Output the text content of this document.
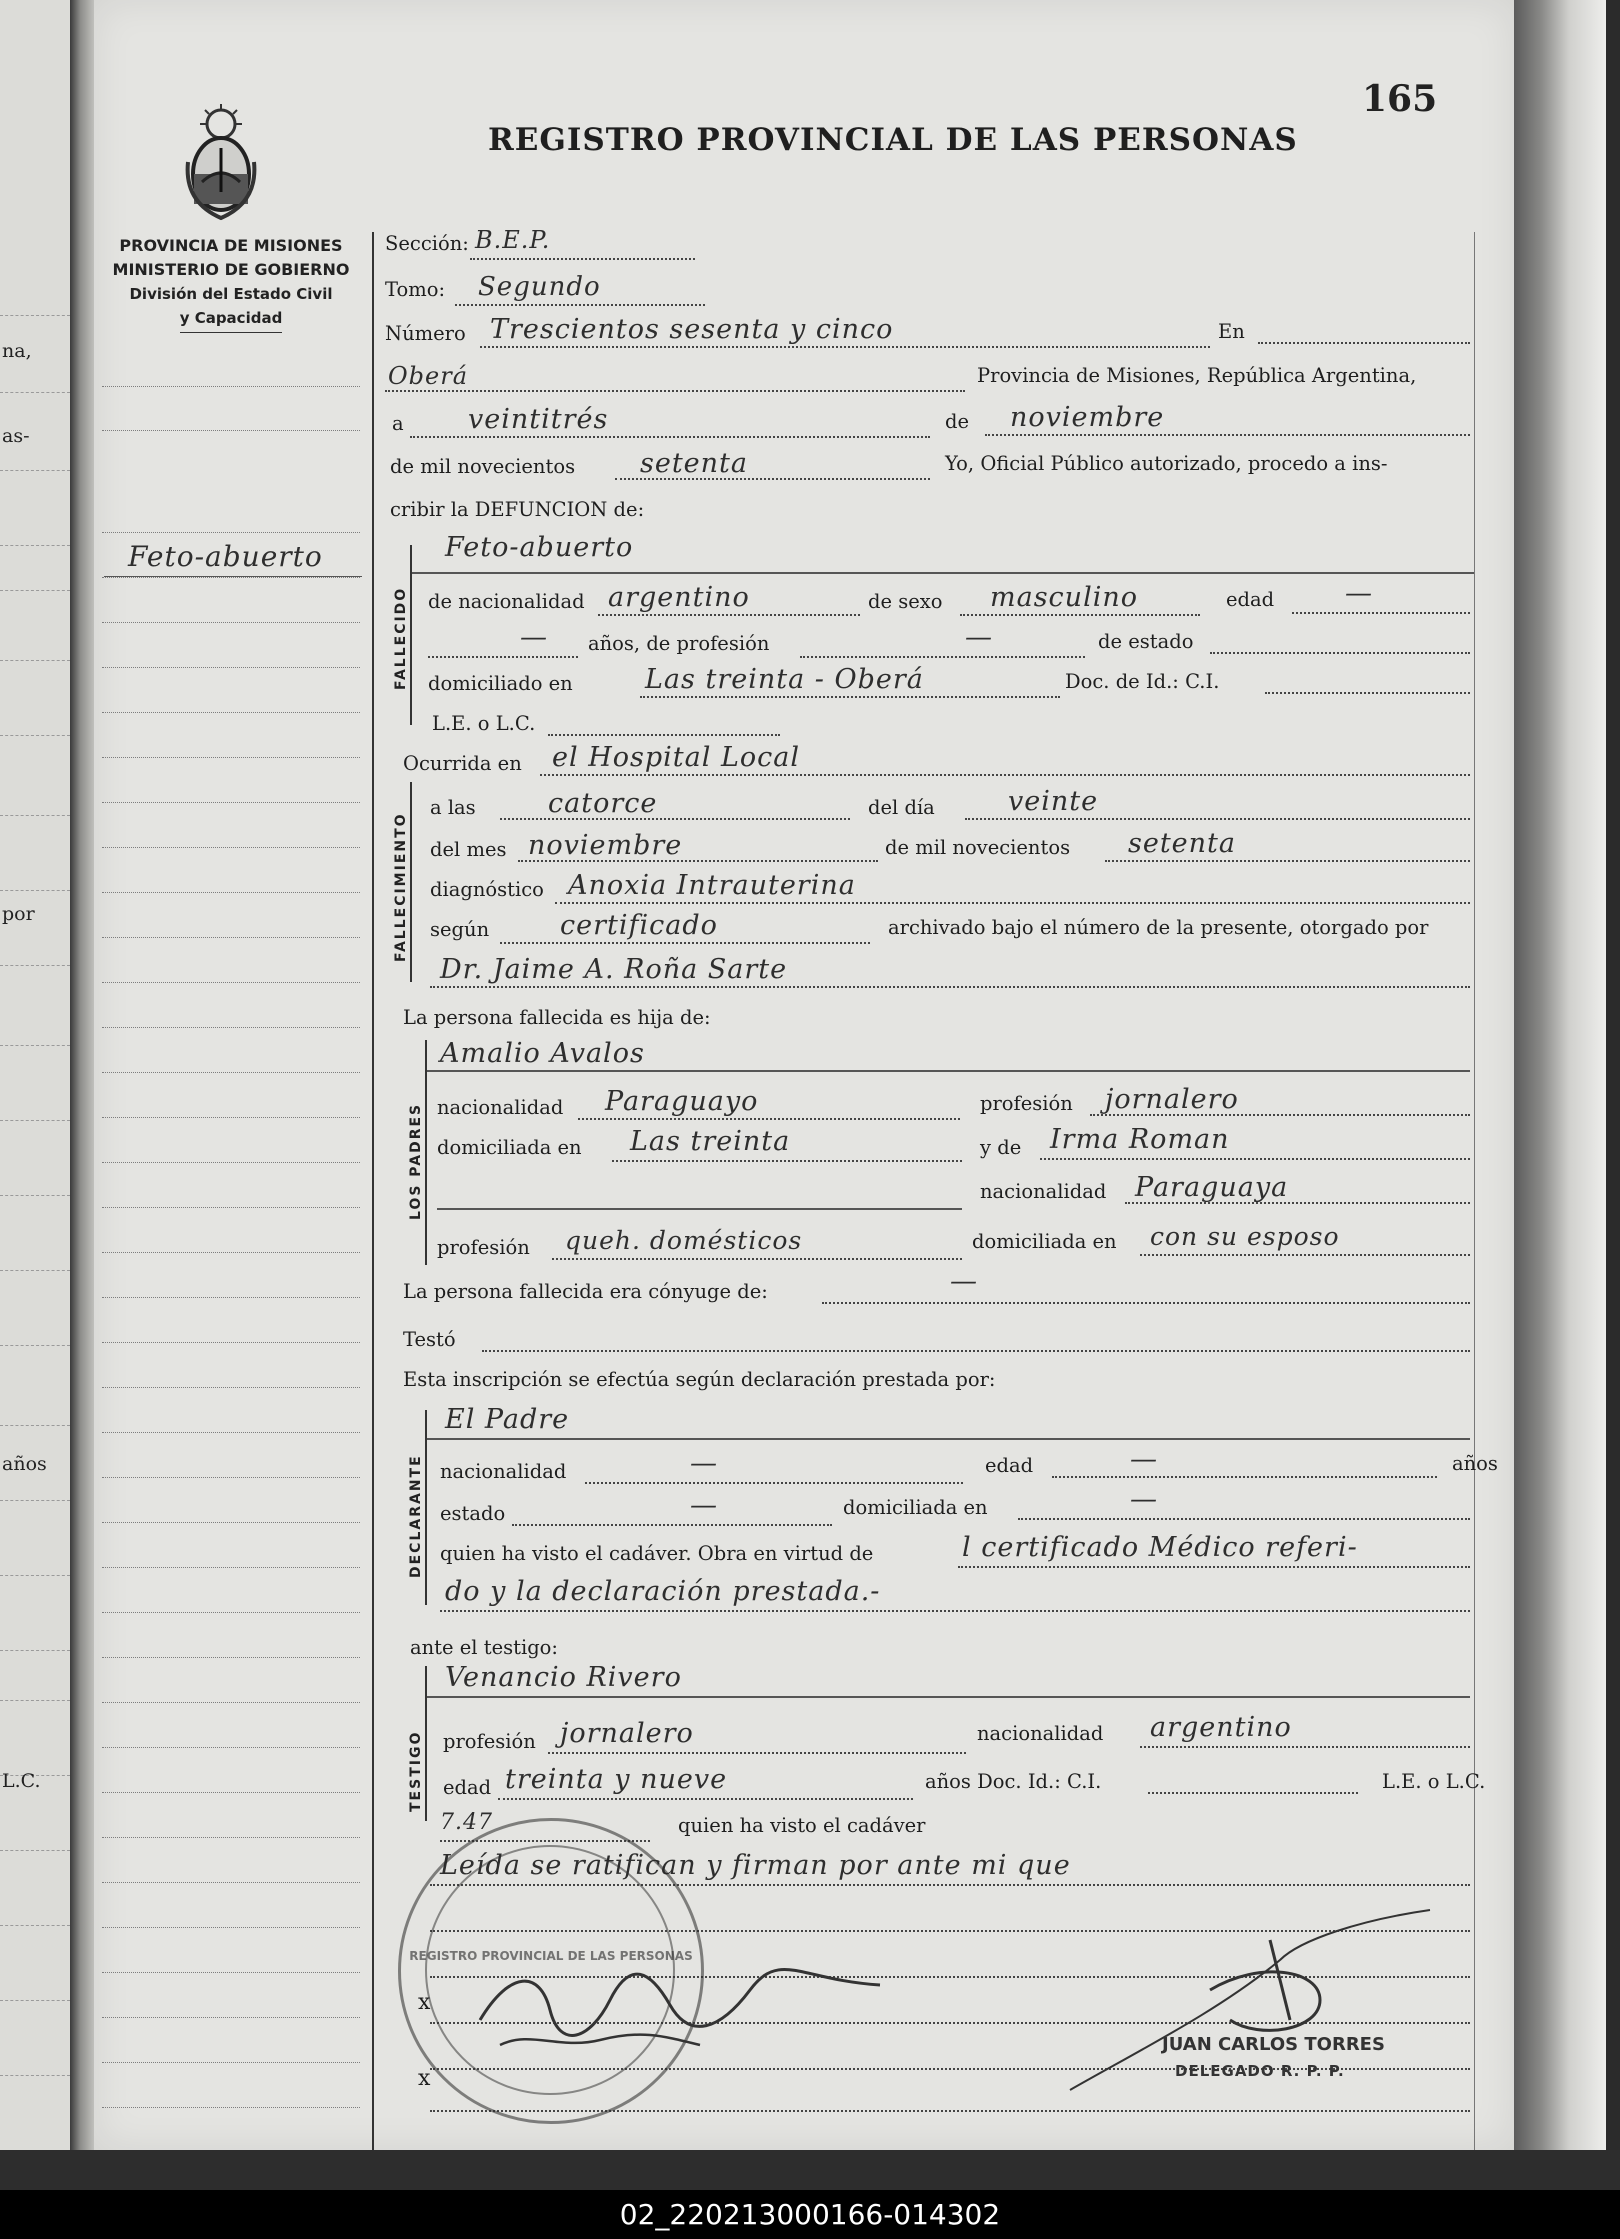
na,
as-
por
años
L.C.
165
REGISTRO PROVINCIAL DE LAS PERSONAS
PROVINCIA DE MISIONES
MINISTERIO DE GOBIERNO
División del Estado Civil
y Capacidad
Feto-abuerto
Sección: B.E.P.
Tomo: Segundo
Número Trescientos sesenta y cinco	En
Oberá	Provincia de Misiones, República Argentina,
a veintitrés	de noviembre
de mil novecientos setenta	Yo, Oficial Público autorizado, procedo a ins-
cribir la DEFUNCION de:
FALLECIDO
Feto-abuerto
de nacionalidad argentino	de sexo masculino	edad	—
— años, de profesión	—	de estado
domiciliado en	Las treinta - Oberá	Doc. de Id.: C.I.
L.E. o L.C.
Ocurrida en el Hospital Local
FALLECIMIENTO
a las	catorce	del día	veinte
del mes noviembre	de mil novecientos setenta
diagnóstico Anoxia Intrauterina
según	certificado	archivado bajo el número de la presente, otorgado por
Dr. Jaime A. Roña Sarte
La persona fallecida es hija de:
LOS PADRES
Amalio Avalos
nacionalidad Paraguayo	profesión jornalero
domiciliada en Las treinta	y de Irma Roman
nacionalidad Paraguaya
profesión queh. domésticos	domiciliada en con su esposo
La persona fallecida era cónyuge de:	—
Testó
Esta inscripción se efectúa según declaración prestada por:
DECLARANTE
El Padre
nacionalidad	—	edad	—	años
estado	—	domiciliada en	—
quien ha visto el cadáver. Obra en virtud de	l certificado Médico referi-
do y la declaración prestada.-
ante el testigo:
TESTIGO
Venancio Rivero
profesión jornalero	nacionalidad argentino
edad treinta y nueve	años Doc. Id.: C.I.	L.E. o L.C.
7.47	quien ha visto el cadáver
Leída se ratifican y firman por ante mi que
x
x
REGISTRO PROVINCIAL DE LAS PERSONAS
JUAN CARLOS TORRES
DELEGADO R. P. P.
02_220213000166-014302
